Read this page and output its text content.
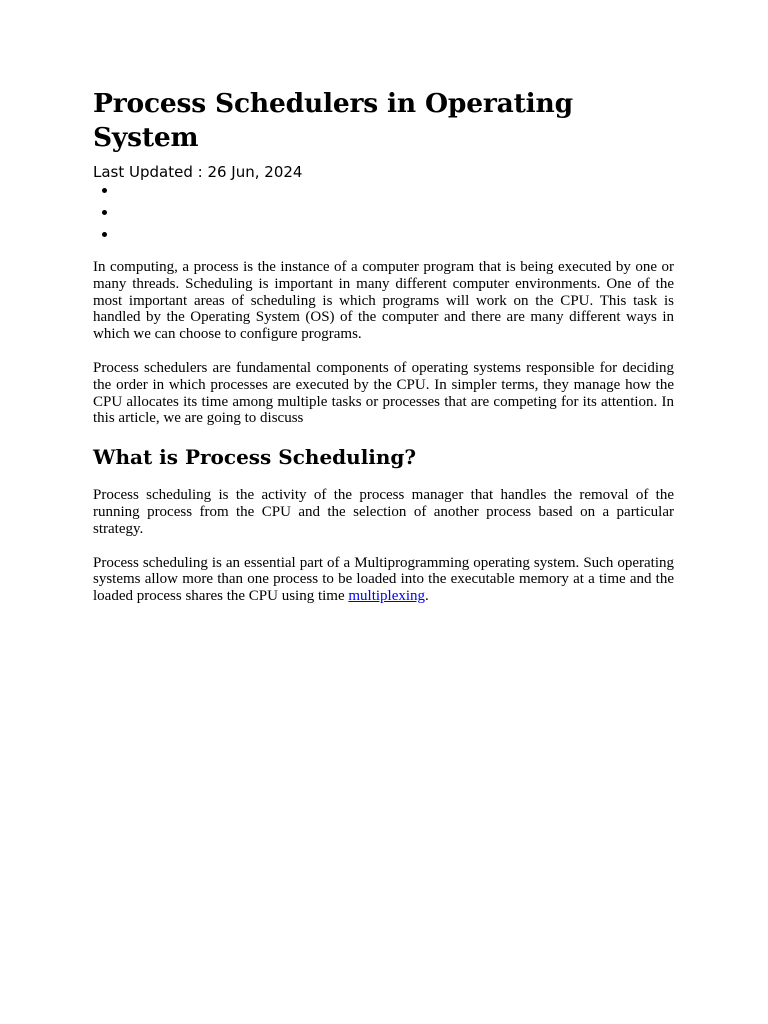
Process Schedulers in Operating System
Last Updated : 26 Jun, 2024
•
•
•

In computing, a process is the instance of a computer program that is being executed by one or many threads. Scheduling is important in many different computer environments. One of the most important areas of scheduling is which programs will work on the CPU. This task is handled by the Operating System (OS) of the computer and there are many different ways in which we can choose to configure programs.

Process schedulers are fundamental components of operating systems responsible for deciding the order in which processes are executed by the CPU. In simpler terms, they manage how the CPU allocates its time among multiple tasks or processes that are competing for its attention. In this article, we are going to discuss

What is Process Scheduling?

Process scheduling is the activity of the process manager that handles the removal of the running process from the CPU and the selection of another process based on a particular strategy.

Process scheduling is an essential part of a Multiprogramming operating system. Such operating systems allow more than one process to be loaded into the executable memory at a time and the loaded process shares the CPU using time multiplexing.
